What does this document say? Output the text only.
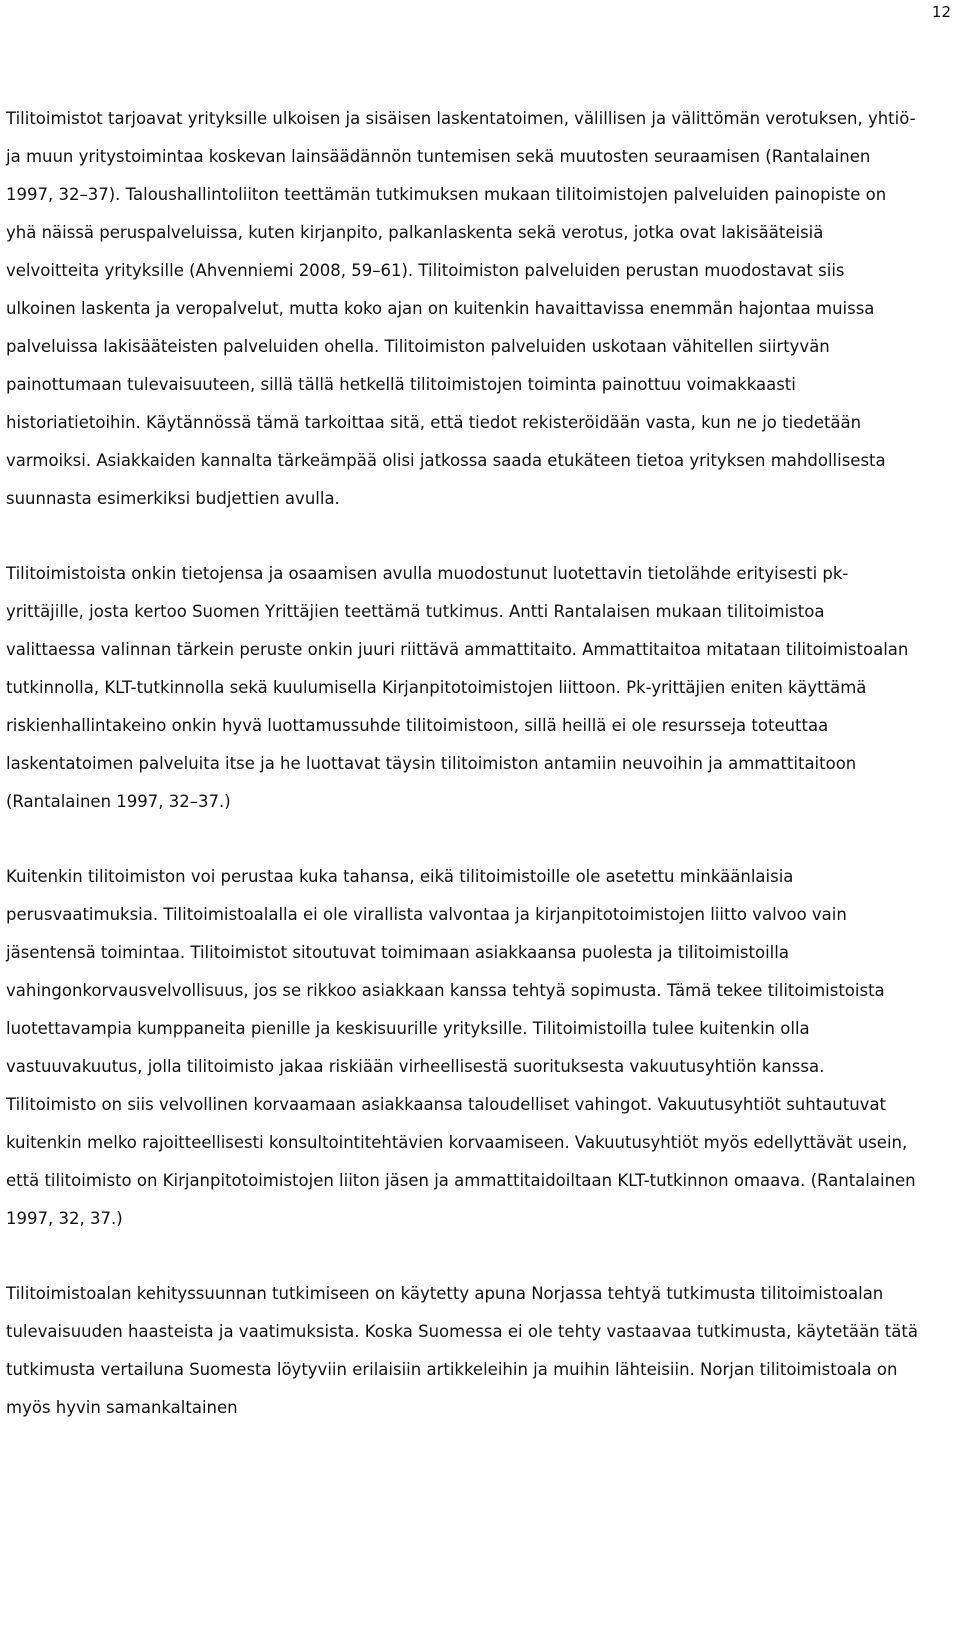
12

Tilitoimistot tarjoavat yrityksille ulkoisen ja sisäisen laskentatoimen, välillisen ja välittömän verotuksen, yhtiö- ja muun yritystoimintaa koskevan lainsäädännön tuntemisen sekä muutosten seuraamisen (Rantalainen 1997, 32–37). Taloushallintoliiton teettämän tutkimuksen mukaan tilitoimistojen palveluiden painopiste on yhä näissä peruspalveluissa, kuten kirjanpito, palkanlaskenta sekä verotus, jotka ovat lakisääteisiä velvoitteita yrityksille (Ahvenniemi 2008, 59–61). Tilitoimiston palveluiden perustan muodostavat siis ulkoinen laskenta ja veropalvelut, mutta koko ajan on kuitenkin havaittavissa enemmän hajontaa muissa palveluissa lakisääteisten palveluiden ohella. Tilitoimiston palveluiden uskotaan vähitellen siirtyvän painottumaan tulevaisuuteen, sillä tällä hetkellä tilitoimistojen toiminta painottuu voimakkaasti historiatietoihin. Käytännössä tämä tarkoittaa sitä, että tiedot rekisteröidään vasta, kun ne jo tiedetään varmoiksi. Asiakkaiden kannalta tärkeämpää olisi jatkossa saada etukäteen tietoa yrityksen mahdollisesta suunnasta esimerkiksi budjettien avulla.

Tilitoimistoista onkin tietojensa ja osaamisen avulla muodostunut luotettavin tietolähde erityisesti pk-yrittäjille, josta kertoo Suomen Yrittäjien teettämä tutkimus. Antti Rantalaisen mukaan tilitoimistoa valittaessa valinnan tärkein peruste onkin juuri riittävä ammattitaito. Ammattitaitoa mitataan tilitoimistoalan tutkinnolla, KLT-tutkinnolla sekä kuulumisella Kirjanpitotoimistojen liittoon. Pk-yrittäjien eniten käyttämä riskienhallintakeino onkin hyvä luottamussuhde tilitoimistoon, sillä heillä ei ole resursseja toteuttaa laskentatoimen palveluita itse ja he luottavat täysin tilitoimiston antamiin neuvoihin ja ammattitaitoon (Rantalainen 1997, 32–37.)

Kuitenkin tilitoimiston voi perustaa kuka tahansa, eikä tilitoimistoille ole asetettu minkäänlaisia perusvaatimuksia. Tilitoimistoalalla ei ole virallista valvontaa ja kirjanpitotoimistojen liitto valvoo vain jäsentensä toimintaa. Tilitoimistot sitoutuvat toimimaan asiakkaansa puolesta ja tilitoimistoilla vahingonkorvausvelvollisuus, jos se rikkoo asiakkaan kanssa tehtyä sopimusta. Tämä tekee tilitoimistoista luotettavampia kumppaneita pienille ja keskisuurille yrityksille. Tilitoimistoilla tulee kuitenkin olla vastuuvakuutus, jolla tilitoimisto jakaa riskiään virheellisestä suorituksesta vakuutusyhtiön kanssa. Tilitoimisto on siis velvollinen korvaamaan asiakkaansa taloudelliset vahingot. Vakuutusyhtiöt suhtautuvat kuitenkin melko rajoitteellisesti konsultointitehtävien korvaamiseen. Vakuutusyhtiöt myös edellyttävät usein, että tilitoimisto on Kirjanpitotoimistojen liiton jäsen ja ammattitaidoiltaan KLT-tutkinnon omaava. (Rantalainen 1997, 32, 37.)

Tilitoimistoalan kehityssuunnan tutkimiseen on käytetty apuna Norjassa tehtyä tutkimusta tilitoimistoalan tulevaisuuden haasteista ja vaatimuksista. Koska Suomessa ei ole tehty vastaavaa tutkimusta, käytetään tätä tutkimusta vertailuna Suomesta löytyviin erilaisiin artikkeleihin ja muihin lähteisiin. Norjan tilitoimistoala on myös hyvin samankaltainen
